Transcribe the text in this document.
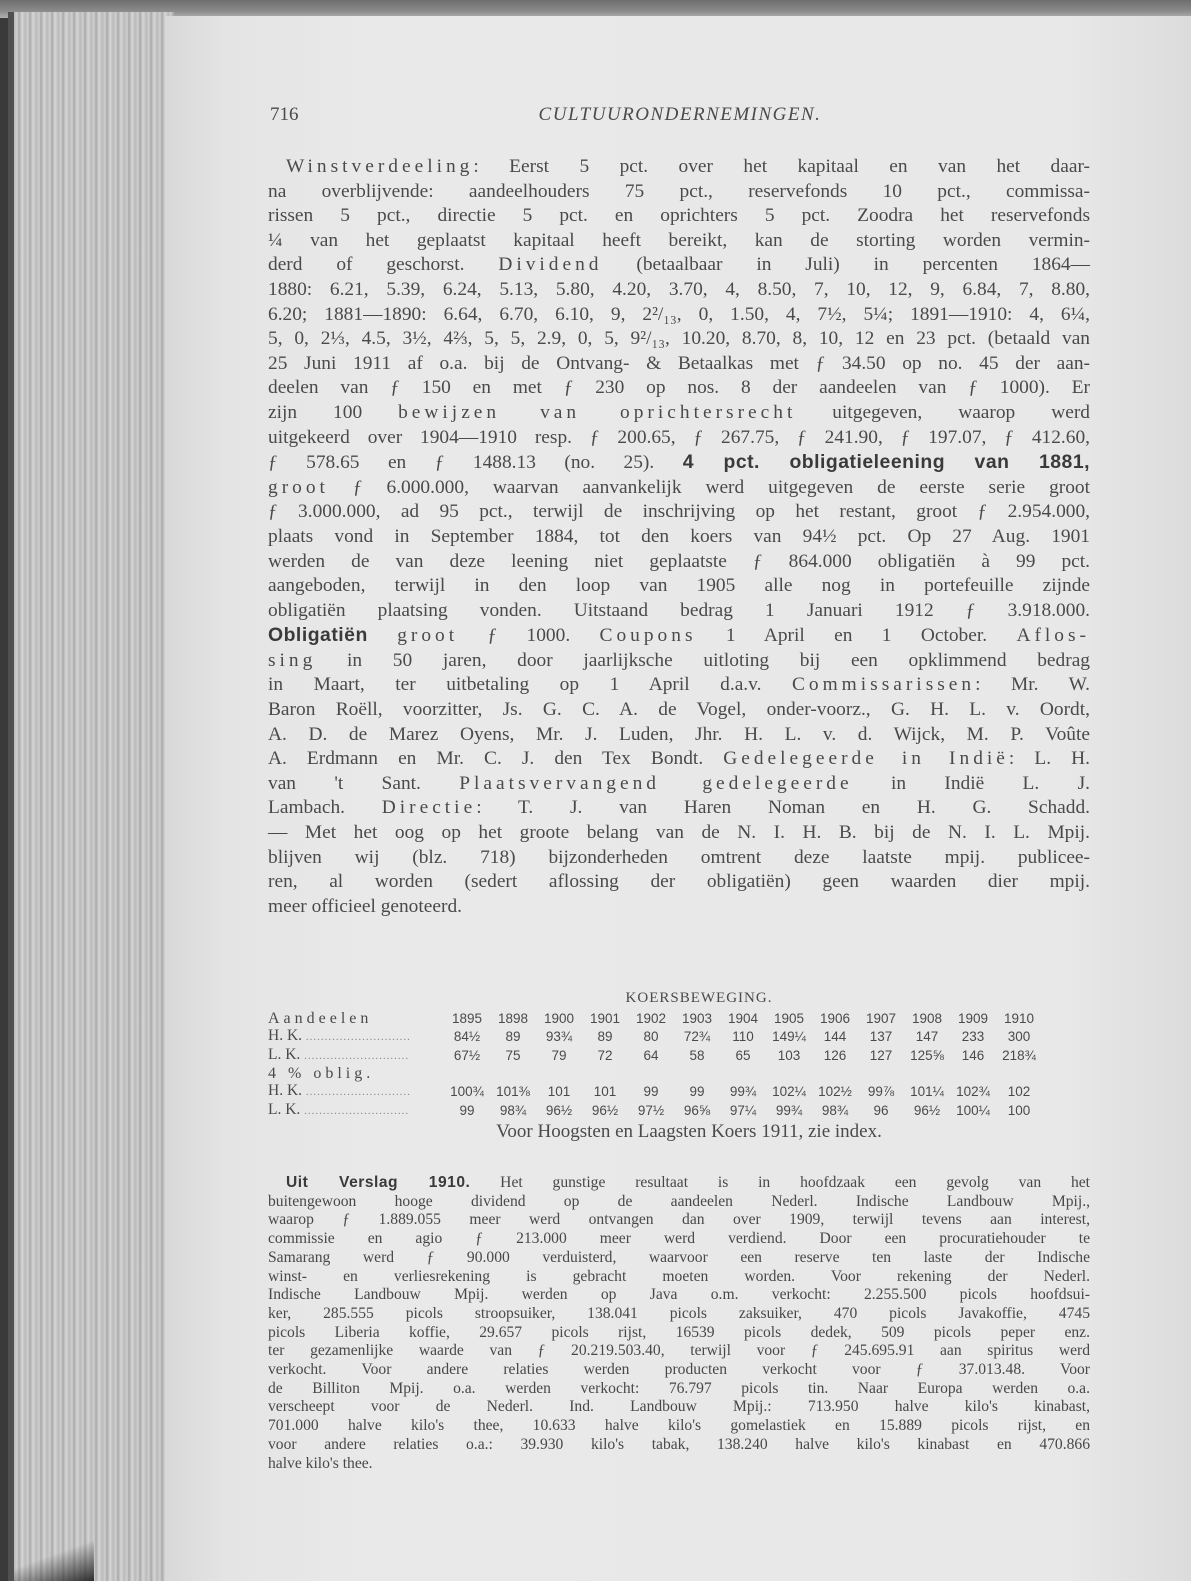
716	CULTUURONDERNEMINGEN.
Winstverdeeling: Eerst 5 pct. over het kapitaal en van het daar-
na overblijvende: aandeelhouders 75 pct., reservefonds 10 pct., commissa-
rissen 5 pct., directie 5 pct. en oprichters 5 pct. Zoodra het reservefonds
¼ van het geplaatst kapitaal heeft bereikt, kan de storting worden vermin-
derd of geschorst. Dividend (betaalbaar in Juli) in percenten 1864—
1880: 6.21, 5.39, 6.24, 5.13, 5.80, 4.20, 3.70, 4, 8.50, 7, 10, 12, 9, 6.84, 7, 8.80,
6.20; 1881—1890: 6.64, 6.70, 6.10, 9, 2²/₁₃, 0, 1.50, 4, 7½, 5¼; 1891—1910: 4, 6¼,
5, 0, 2⅓, 4.5, 3½, 4⅔, 5, 5, 2.9, 0, 5, 9²/₁₃, 10.20, 8.70, 8, 10, 12 en 23 pct. (betaald van
25 Juni 1911 af o.a. bij de Ontvang- & Betaalkas met ƒ 34.50 op no. 45 der aan-
deelen van ƒ 150 en met ƒ 230 op nos. 8 der aandeelen van ƒ 1000). Er
zijn 100 bewijzen van oprichtersrecht uitgegeven, waarop werd
uitgekeerd over 1904—1910 resp. ƒ 200.65, ƒ 267.75, ƒ 241.90, ƒ 197.07, ƒ 412.60,
ƒ 578.65 en ƒ 1488.13 (no. 25). 4 pct. obligatieleening van 1881,
groot ƒ 6.000.000, waarvan aanvankelijk werd uitgegeven de eerste serie groot
ƒ 3.000.000, ad 95 pct., terwijl de inschrijving op het restant, groot ƒ 2.954.000,
plaats vond in September 1884, tot den koers van 94½ pct. Op 27 Aug. 1901
werden de van deze leening niet geplaatste ƒ 864.000 obligatiën à 99 pct.
aangeboden, terwijl in den loop van 1905 alle nog in portefeuille zijnde
obligatiën plaatsing vonden. Uitstaand bedrag 1 Januari 1912 ƒ 3.918.000.
Obligatiën groot ƒ 1000. Coupons 1 April en 1 October. Aflos-
sing in 50 jaren, door jaarlijksche uitloting bij een opklimmend bedrag
in Maart, ter uitbetaling op 1 April d.a.v. Commissarissen: Mr. W.
Baron Roëll, voorzitter, Js. G. C. A. de Vogel, onder-voorz., G. H. L. v. Oordt,
A. D. de Marez Oyens, Mr. J. Luden, Jhr. H. L. v. d. Wijck, M. P. Voûte
A. Erdmann en Mr. C. J. den Tex Bondt. Gedelegeerde in Indië: L. H.
van 't Sant. Plaatsvervangend gedelegeerde in Indië L. J.
Lambach. Directie: T. J. van Haren Noman en H. G. Schadd.
— Met het oog op het groote belang van de N. I. H. B. bij de N. I. L. Mpij.
blijven wij (blz. 718) bijzonderheden omtrent deze laatste mpij. publicee-
ren, al worden (sedert aflossing der obligatiën) geen waarden dier mpij.
meer officieel genoteerd.
KOERSBEWEGING.
Aandeelen	1895	1898	1900	1901	1902	1903	1904	1905	1906	1907	1908	1909	1910
H. K. ............................	84½	89	93¾	89	80	72¾	110	149¼	144	137	147	233	300
L. K. ............................	67½	75	79	72	64	58	65	103	126	127	125⅝	146	218¾
4 % oblig.													
H. K. ............................	100¾	101⅜	101	101	99	99	99¾	102¼	102½	99⅞	101¼	102¾	102
L. K. ............................	99	98¾	96½	96½	97½	96⅝	97¼	99¾	98¾	96	96½	100¼	100
Voor Hoogsten en Laagsten Koers 1911, zie index.
Uit Verslag 1910. Het gunstige resultaat is in hoofdzaak een gevolg van het
buitengewoon hooge dividend op de aandeelen Nederl. Indische Landbouw Mpij.,
waarop ƒ 1.889.055 meer werd ontvangen dan over 1909, terwijl tevens aan interest,
commissie en agio ƒ 213.000 meer werd verdiend. Door een procuratiehouder te
Samarang werd ƒ 90.000 verduisterd, waarvoor een reserve ten laste der Indische
winst- en verliesrekening is gebracht moeten worden. Voor rekening der Nederl.
Indische Landbouw Mpij. werden op Java o.m. verkocht: 2.255.500 picols hoofdsui-
ker, 285.555 picols stroopsuiker, 138.041 picols zaksuiker, 470 picols Javakoffie, 4745
picols Liberia koffie, 29.657 picols rijst, 16539 picols dedek, 509 picols peper enz.
ter gezamenlijke waarde van ƒ 20.219.503.40, terwijl voor ƒ 245.695.91 aan spiritus werd
verkocht. Voor andere relaties werden producten verkocht voor ƒ 37.013.48. Voor
de Billiton Mpij. o.a. werden verkocht: 76.797 picols tin. Naar Europa werden o.a.
verscheept voor de Nederl. Ind. Landbouw Mpij.: 713.950 halve kilo's kinabast,
701.000 halve kilo's thee, 10.633 halve kilo's gomelastiek en 15.889 picols rijst, en
voor andere relaties o.a.: 39.930 kilo's tabak, 138.240 halve kilo's kinabast en 470.866
halve kilo's thee.
